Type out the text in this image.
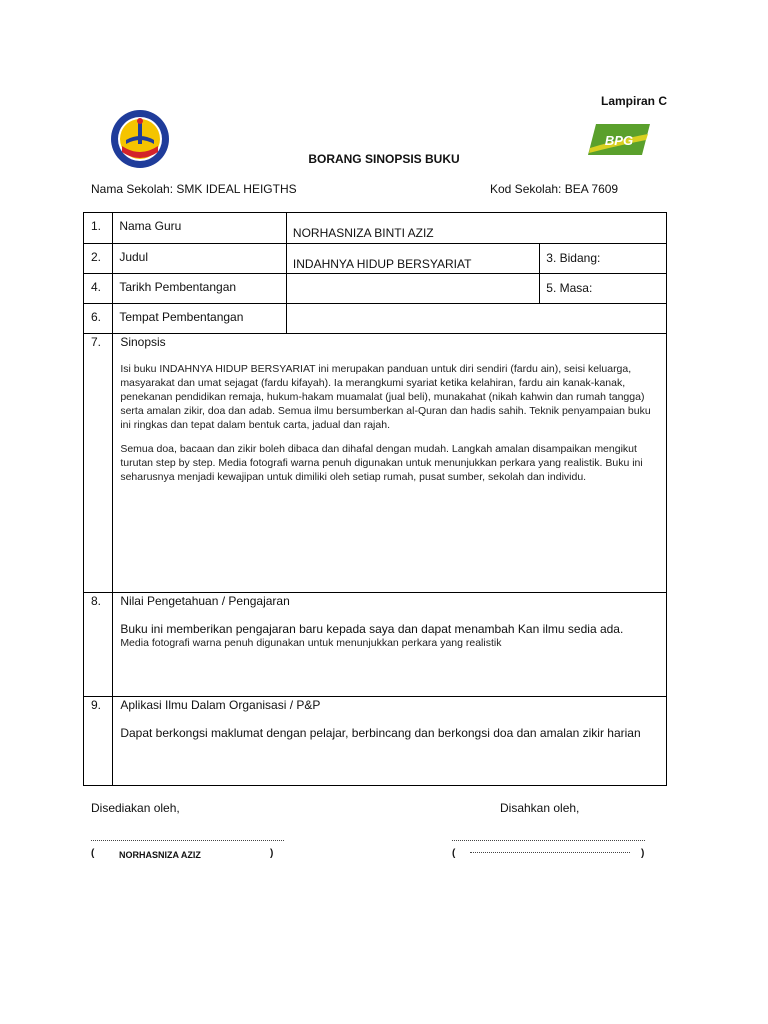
Lampiran C
BPG
BORANG SINOPSIS BUKU
Nama Sekolah: SMK IDEAL HEIGTHS	Kod Sekolah: BEA 7609
1.	Nama Guru	NORHASNIZA BINTI AZIZ	
2.	Judul	INDAHNYA HIDUP BERSYARIAT	3. Bidang:
4.	Tarikh Pembentangan		5. Masa:
6.	Tempat Pembentangan		
7.	Sinopsis

Isi buku INDAHNYA HIDUP BERSYARIAT ini merupakan panduan untuk diri sendiri (fardu ain), seisi keluarga, masyarakat dan umat sejagat (fardu kifayah). Ia merangkumi syariat ketika kelahiran, fardu ain kanak-kanak, penekanan pendidikan remaja, hukum-hakam muamalat (jual beli), munakahat (nikah kahwin dan rumah tangga) serta amalan zikir, doa dan adab. Semua ilmu bersumberkan al-Quran dan hadis sahih. Teknik penyampaian buku ini ringkas dan tepat dalam bentuk carta, jadual dan rajah.

Semua doa, bacaan dan zikir boleh dibaca dan dihafal dengan mudah. Langkah amalan disampaikan mengikut turutan step by step. Media fotografi warna penuh digunakan untuk menunjukkan perkara yang realistik. Buku ini seharusnya menjadi kewajipan untuk dimiliki oleh setiap rumah, pusat sumber, sekolah dan individu.		

8.	Nilai Pengetahuan / Pengajaran
Buku ini memberikan pengajaran baru kepada saya dan dapat menambah Kan ilmu sedia ada.
Media fotografi warna penuh digunakan untuk menunjukkan perkara yang realistik		

9.	Aplikasi Ilmu Dalam Organisasi / P&P
Dapat berkongsi maklumat dengan pelajar, berbincang dan berkongsi doa dan amalan zikir harian		
Disediakan oleh,	Disahkan oleh,
(	NORHASNIZA AZIZ	)	(	)
